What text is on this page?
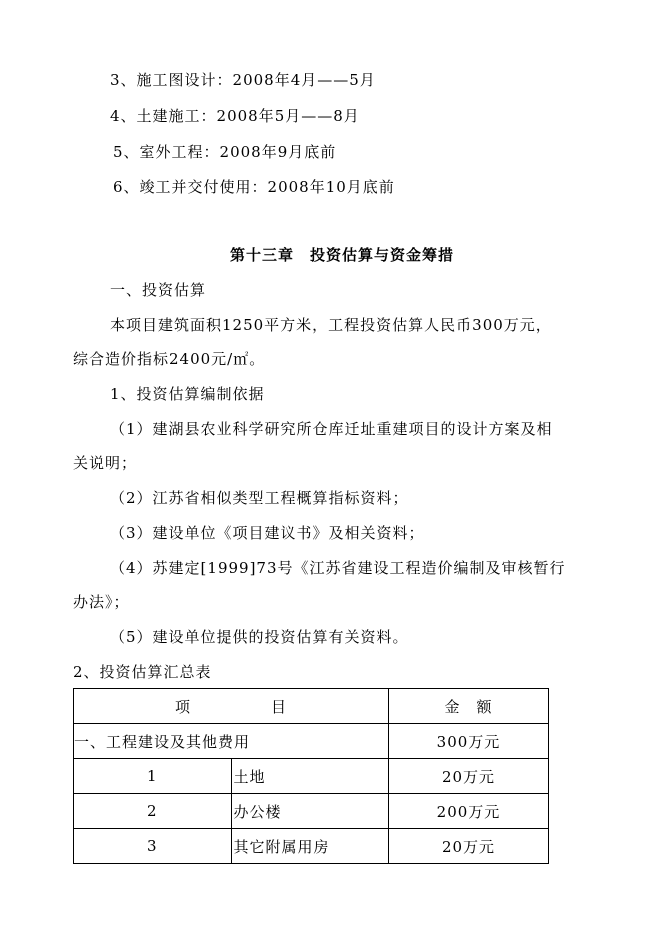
3、施工图设计：2008年4月——5月
4、土建施工：2008年5月——8月
5、室外工程：2008年9月底前
6、竣工并交付使用：2008年10月底前
第十三章　投资估算与资金筹措
一、投资估算
本项目建筑面积1250平方米，工程投资估算人民币300万元，
综合造价指标2400元/㎡。
1、投资估算编制依据
（1）建湖县农业科学研究所仓库迁址重建项目的设计方案及相
关说明；
（2）江苏省相似类型工程概算指标资料；
（3）建设单位《项目建议书》及相关资料；
（4）苏建定[1999]73号《江苏省建设工程造价编制及审核暂行
办法》；
（5）建设单位提供的投资估算有关资料。
2、投资估算汇总表
项 目		金　额
一、工程建设及其他费用		300万元
1	土地	20万元
2	办公楼	200万元
3	其它附属用房	20万元
